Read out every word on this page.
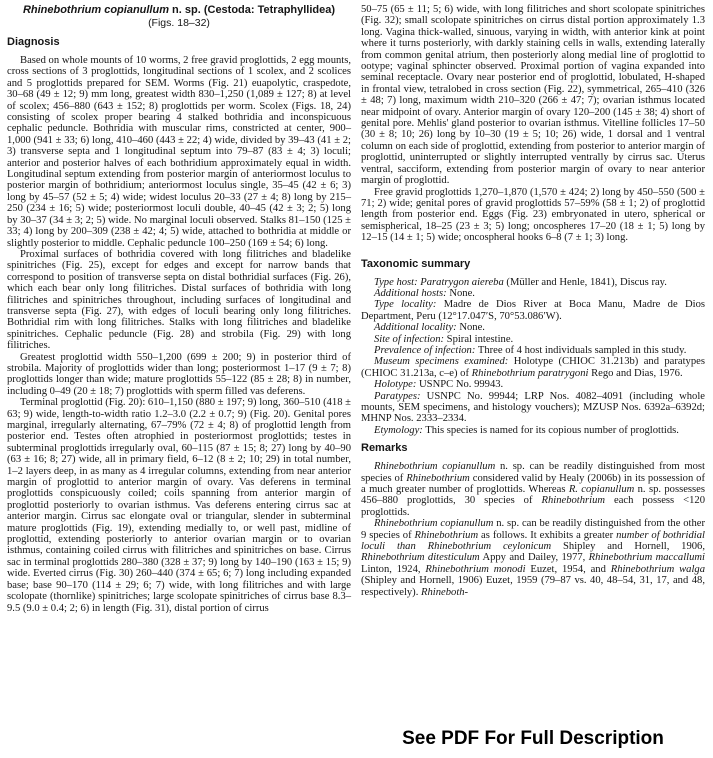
Rhinebothrium copianullum n. sp. (Cestoda: Tetraphyllidea)
(Figs. 18–32)
Diagnosis

Based on whole mounts of 10 worms, 2 free gravid proglottids, 2 egg mounts, cross sections of 3 proglottids, longitudinal sections of 1 scolex, and 2 scolices and 5 proglottids prepared for SEM. Worms (Fig. 21) euapolytic, craspedote, 30–68 (49 ± 12; 9) mm long, greatest width 830–1,250 (1,089 ± 127; 8) at level of scolex; 456–880 (643 ± 152; 8) proglottids per worm. Scolex (Figs. 18, 24) consisting of scolex proper bearing 4 stalked bothridia and inconspicuous cephalic peduncle. Bothridia with muscular rims, constricted at center, 900–1,000 (941 ± 33; 6) long, 410–460 (443 ± 22; 4) wide, divided by 39–43 (41 ± 2; 3) transverse septa and 1 longitudinal septum into 79–87 (83 ± 4; 3) loculi; anterior and posterior halves of each bothridium approximately equal in width. Longitudinal septum extending from posterior margin of anteriormost loculus to posterior margin of bothridium; anteriormost loculus single, 35–45 (42 ± 6; 3) long by 45–57 (52 ± 5; 4) wide; widest loculus 20–33 (27 ± 4; 8) long by 215–250 (234 ± 16; 5) wide; posteriormost loculi double, 40–45 (42 ± 3; 2; 5) long by 30–37 (34 ± 3; 2; 5) wide. No marginal loculi observed. Stalks 81–150 (125 ± 33; 4) long by 200–309 (238 ± 42; 4; 5) wide, attached to bothridia at middle or slightly posterior to middle. Cephalic peduncle 100–250 (169 ± 54; 6) long.

Proximal surfaces of bothridia covered with long filitriches and bladelike spinitriches (Fig. 25), except for edges and except for narrow bands that correspond to position of transverse septa on distal bothridial surfaces (Fig. 26), which each bear only long filitriches. Distal surfaces of bothridia with long filitriches and spinitriches throughout, including surfaces of longitudinal and transverse septa (Fig. 27), with edges of loculi bearing only long filitriches. Bothridial rim with long filitriches. Stalks with long filitriches and bladelike spinitriches. Cephalic peduncle (Fig. 28) and strobila (Fig. 29) with long filitriches.

Greatest proglottid width 550–1,200 (699 ± 200; 9) in posterior third of strobila. Majority of proglottids wider than long; posteriormost 1–17 (9 ± 7; 8) proglottids longer than wide; mature proglottids 55–122 (85 ± 28; 8) in number, including 0–49 (20 ± 18; 7) proglottids with sperm filled vas deferens.

Terminal proglottid (Fig. 20): 610–1,150 (880 ± 197; 9) long, 360–510 (418 ± 63; 9) wide, length-to-width ratio 1.2–3.0 (2.2 ± 0.7; 9) (Fig. 20). Genital pores marginal, irregularly alternating, 67–79% (72 ± 4; 8) of proglottid length from posterior end. Testes often atrophied in posteriormost proglottids; testes in subterminal proglottids irregularly oval, 60–115 (87 ± 15; 8; 27) long by 40–90 (63 ± 16; 8; 27) wide, all in primary field, 6–12 (8 ± 2; 10; 29) in total number, 1–2 layers deep, in as many as 4 irregular columns, extending from near anterior margin of proglottid to anterior margin of ovary. Vas deferens in terminal proglottids conspicuously coiled; coils spanning from anterior margin of proglottid posteriorly to ovarian isthmus. Vas deferens entering cirrus sac at anterior margin. Cirrus sac elongate oval or triangular, slender in subterminal mature proglottids (Fig. 19), extending medially to, or well past, midline of proglottid, extending posteriorly to anterior ovarian margin or to ovarian isthmus, containing coiled cirrus with filitriches and spinitriches on base. Cirrus sac in terminal proglottids 280–380 (328 ± 37; 9) long by 140–190 (163 ± 15; 9) wide. Everted cirrus (Fig. 30) 260–440 (374 ± 65; 6; 7) long including expanded base; base 90–170 (114 ± 29; 6; 7) wide, with long filitriches and with large scolopate (thornlike) spinitriches; large scolopate spinitriches of cirrus base 8.3–9.5 (9.0 ± 0.4; 2; 6) in length (Fig. 31), distal portion of cirrus

50–75 (65 ± 11; 5; 6) wide, with long filitriches and short scolopate spinitriches (Fig. 32); small scolopate spinitriches on cirrus distal portion approximately 1.3 long. Vagina thick-walled, sinuous, varying in width, with anterior kink at point where it turns posteriorly, with darkly staining cells in walls, extending laterally from common genital atrium, then posteriorly along medial line of proglottid to ootype; vaginal sphincter observed. Proximal portion of vagina expanded into seminal receptacle. Ovary near posterior end of proglottid, lobulated, H-shaped in frontal view, tetralobed in cross section (Fig. 22), symmetrical, 265–410 (326 ± 48; 7) long, maximum width 210–320 (266 ± 47; 7); ovarian isthmus located near midpoint of ovary. Anterior margin of ovary 120–200 (145 ± 38; 4) short of genital pore. Mehlis' gland posterior to ovarian isthmus. Vitelline follicles 17–50 (30 ± 8; 10; 26) long by 10–30 (19 ± 5; 10; 26) wide, 1 dorsal and 1 ventral column on each side of proglottid, extending from posterior to anterior margin of proglottid, uninterrupted or slightly interrupted ventrally by cirrus sac. Uterus ventral, sacciform, extending from posterior margin of ovary to near anterior margin of proglottid.

Free gravid proglottids 1,270–1,870 (1,570 ± 424; 2) long by 450–550 (500 ± 71; 2) wide; genital pores of gravid proglottids 57–59% (58 ± 1; 2) of proglottid length from posterior end. Eggs (Fig. 23) embryonated in utero, spherical or semispherical, 18–25 (23 ± 3; 5) long; oncospheres 17–20 (18 ± 1; 5) long by 12–15 (14 ± 1; 5) wide; oncospheral hooks 6–8 (7 ± 1; 3) long.

Taxonomic summary

Type host: Paratrygon aiereba (Müller and Henle, 1841), Discus ray.

Additional hosts: None.

Type locality: Madre de Dios River at Boca Manu, Madre de Dios Department, Peru (12°17.047′S, 70°53.086′W).

Additional locality: None.

Site of infection: Spiral intestine.

Prevalence of infection: Three of 4 host individuals sampled in this study.

Museum specimens examined: Holotype (CHIOC 31.213b) and paratypes (CHIOC 31.213a, c–e) of Rhinebothrium paratrygoni Rego and Dias, 1976.

Holotype: USNPC No. 99943.

Paratypes: USNPC No. 99944; LRP Nos. 4082–4091 (including whole mounts, SEM specimens, and histology vouchers); MZUSP Nos. 6392a–6392d; MHNP Nos. 2333–2334.

Etymology: This species is named for its copious number of proglottids.

Remarks

Rhinebothrium copianullum n. sp. can be readily distinguished from most species of Rhinebothrium considered valid by Healy (2006b) in its possession of a much greater number of proglottids. Whereas R. copianullum n. sp. possesses 456–880 proglottids, 30 species of Rhinebothrium each possess <120 proglottids.

Rhinebothrium copianullum n. sp. can be readily distinguished from the other 9 species of Rhinebothrium as follows. It exhibits a greater number of bothridial loculi than Rhinebothrium ceylonicum Shipley and Hornell, 1906, Rhinebothrium ditesticulum Appy and Dailey, 1977, Rhinebothrium maccallumi Linton, 1924, Rhinebothrium monodi Euzet, 1954, and Rhinebothrium walga (Shipley and Hornell, 1906) Euzet, 1959 (79–87 vs. 40, 48–54, 31, 17, and 48, respectively). Rhineboth-

See PDF For Full Description
